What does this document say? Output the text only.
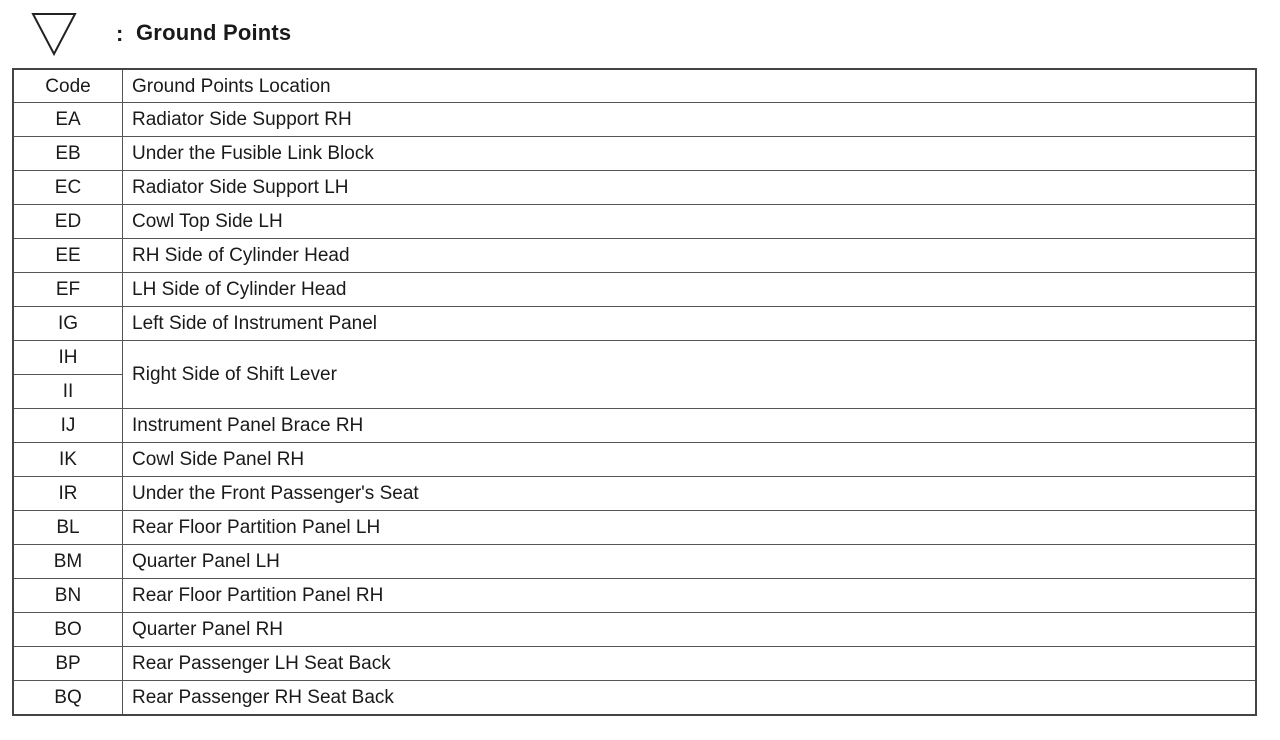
: Ground Points
Code	Ground Points Location
EA	Radiator Side Support RH
EB	Under the Fusible Link Block
EC	Radiator Side Support LH
ED	Cowl Top Side LH
EE	RH Side of Cylinder Head
EF	LH Side of Cylinder Head
IG	Left Side of Instrument Panel
IH	Right Side of Shift Lever
II	
IJ	Instrument Panel Brace RH
IK	Cowl Side Panel RH
IR	Under the Front Passenger's Seat
BL	Rear Floor Partition Panel LH
BM	Quarter Panel LH
BN	Rear Floor Partition Panel RH
BO	Quarter Panel RH
BP	Rear Passenger LH Seat Back
BQ	Rear Passenger RH Seat Back
